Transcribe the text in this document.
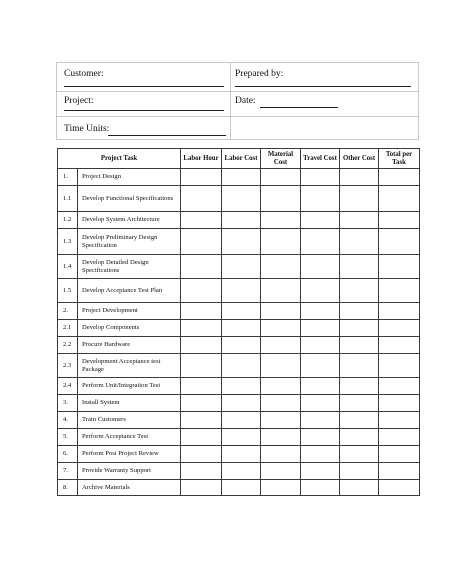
Customer:	Prepared by:
Project:	Date:
Time Units:
Project Task		Labor Hour	Labor Cost	Material Cost	Travel Cost	Other Cost	Total per Task
1.	Project Design						
1.1	Develop Functional Specifications						
1.2	Develop System Architecture						
1.3	Develop Preliminary Design Specification						
1.4	Develop Detailed Design Specifications						
1.5	Develop Acceptance Test Plan						
2.	Project Development						
2.1	Develop Components						
2.2	Procure Hardware						
2.3	Development Acceptance test Package						
2.4	Perform Unit/Integration Test						
3.	Install System						
4.	Train Customers						
5.	Perform Acceptance Test						
6.	Perform Post Project Review						
7.	Provide Warranty Support						
8.	Archive Materials						
